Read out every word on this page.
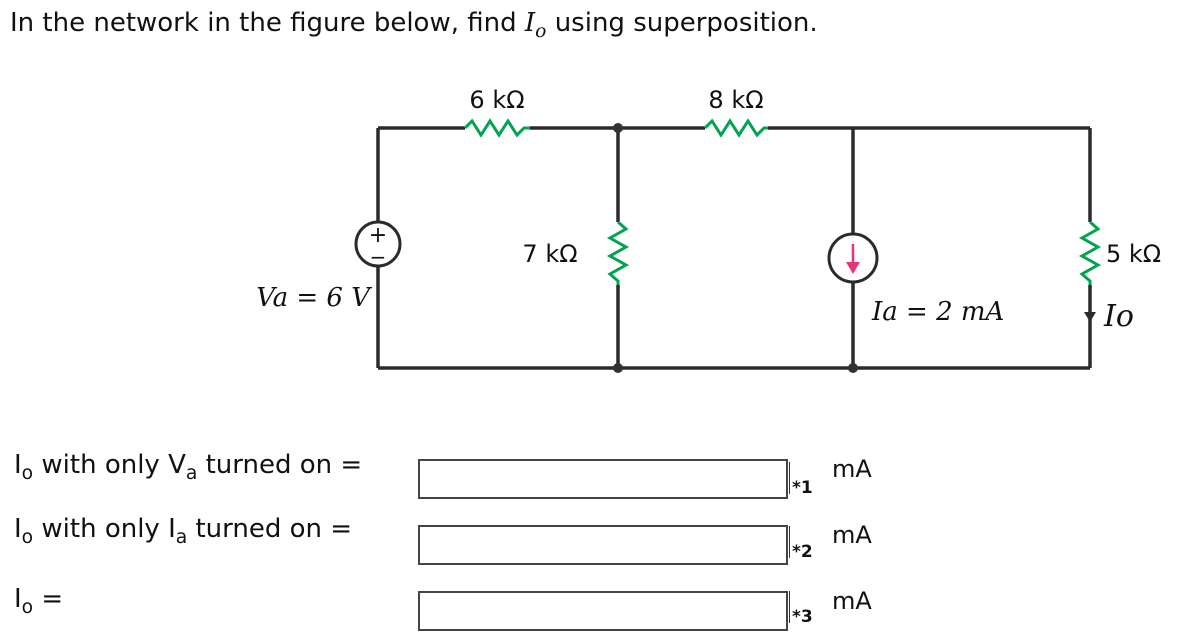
In the network in the figure below, find $I_o$ using superposition.
+
−
6 kΩ	8 kΩ
7 kΩ	5 kΩ
Va = 6 V	Ia = 2 mA	Io
$I_o$ with only $V_a$ turned on =
*1
mA
$I_o$ with only $I_a$ turned on =
*2
mA
$I_o$ =
*3
mA
